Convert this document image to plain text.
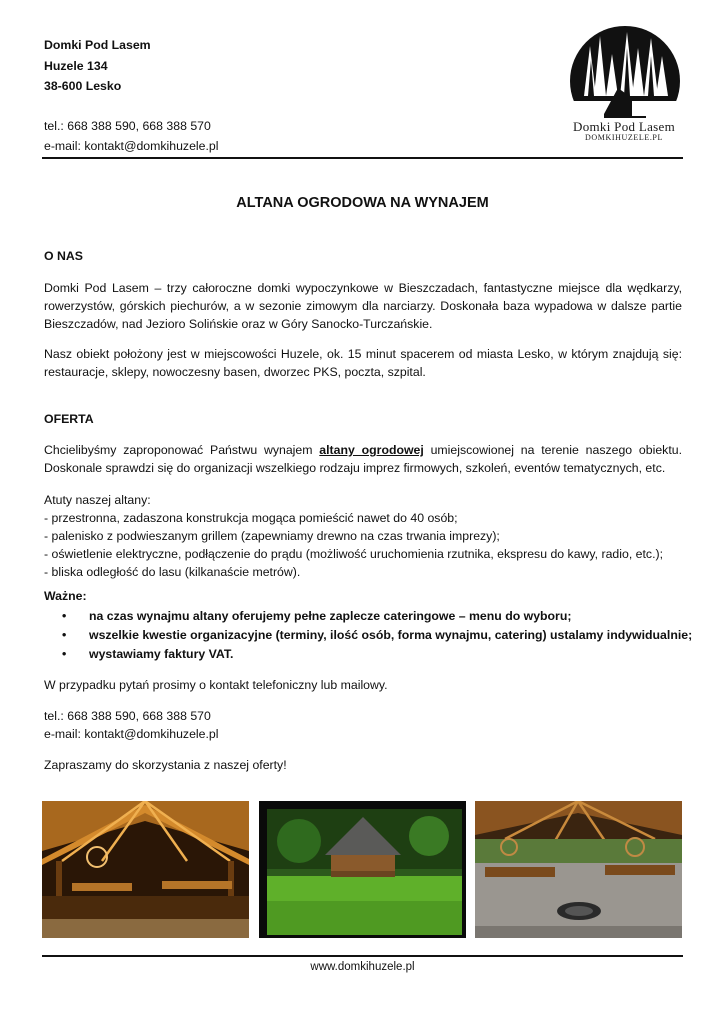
Domki Pod Lasem
Huzele 134
38-600 Lesko
tel.: 668 388 590, 668 388 570
e-mail: kontakt@domkihuzele.pl
Domki Pod Lasem
DOMKIHUZELE.PL
ALTANA OGRODOWA NA WYNAJEM
O NAS
Domki Pod Lasem – trzy całoroczne domki wypoczynkowe w Bieszczadach, fantastyczne miejsce dla wędkarzy, rowerzystów, górskich piechurów, a w sezonie zimowym dla narciarzy. Doskonała baza wypadowa w dalsze partie Bieszczadów, nad Jezioro Solińskie oraz w Góry Sanocko-Turczańskie.
Nasz obiekt położony jest w miejscowości Huzele, ok. 15 minut spacerem od miasta Lesko, w którym znajdują się: restauracje, sklepy, nowoczesny basen, dworzec PKS, poczta, szpital.
OFERTA
Chcielibyśmy zaproponować Państwu wynajem altany ogrodowej umiejscowionej na terenie naszego obiektu. Doskonale sprawdzi się do organizacji wszelkiego rodzaju imprez firmowych, szkoleń, eventów tematycznych, etc.
Atuty naszej altany:
- przestronna, zadaszona konstrukcja mogąca pomieścić nawet do 40 osób;
- palenisko z podwieszanym grillem (zapewniamy drewno na czas trwania imprezy);
- oświetlenie elektryczne, podłączenie do prądu (możliwość uruchomienia rzutnika, ekspresu do kawy, radio, etc.);
- bliska odległość do lasu (kilkanaście metrów).
Ważne:
• na czas wynajmu altany oferujemy pełne zaplecze cateringowe – menu do wyboru;
• wszelkie kwestie organizacyjne (terminy, ilość osób, forma wynajmu, catering) ustalamy indywidualnie;
• wystawiamy faktury VAT.
W przypadku pytań prosimy o kontakt telefoniczny lub mailowy.
tel.: 668 388 590, 668 388 570
e-mail: kontakt@domkihuzele.pl
Zapraszamy do skorzystania z naszej oferty!
www.domkihuzele.pl
